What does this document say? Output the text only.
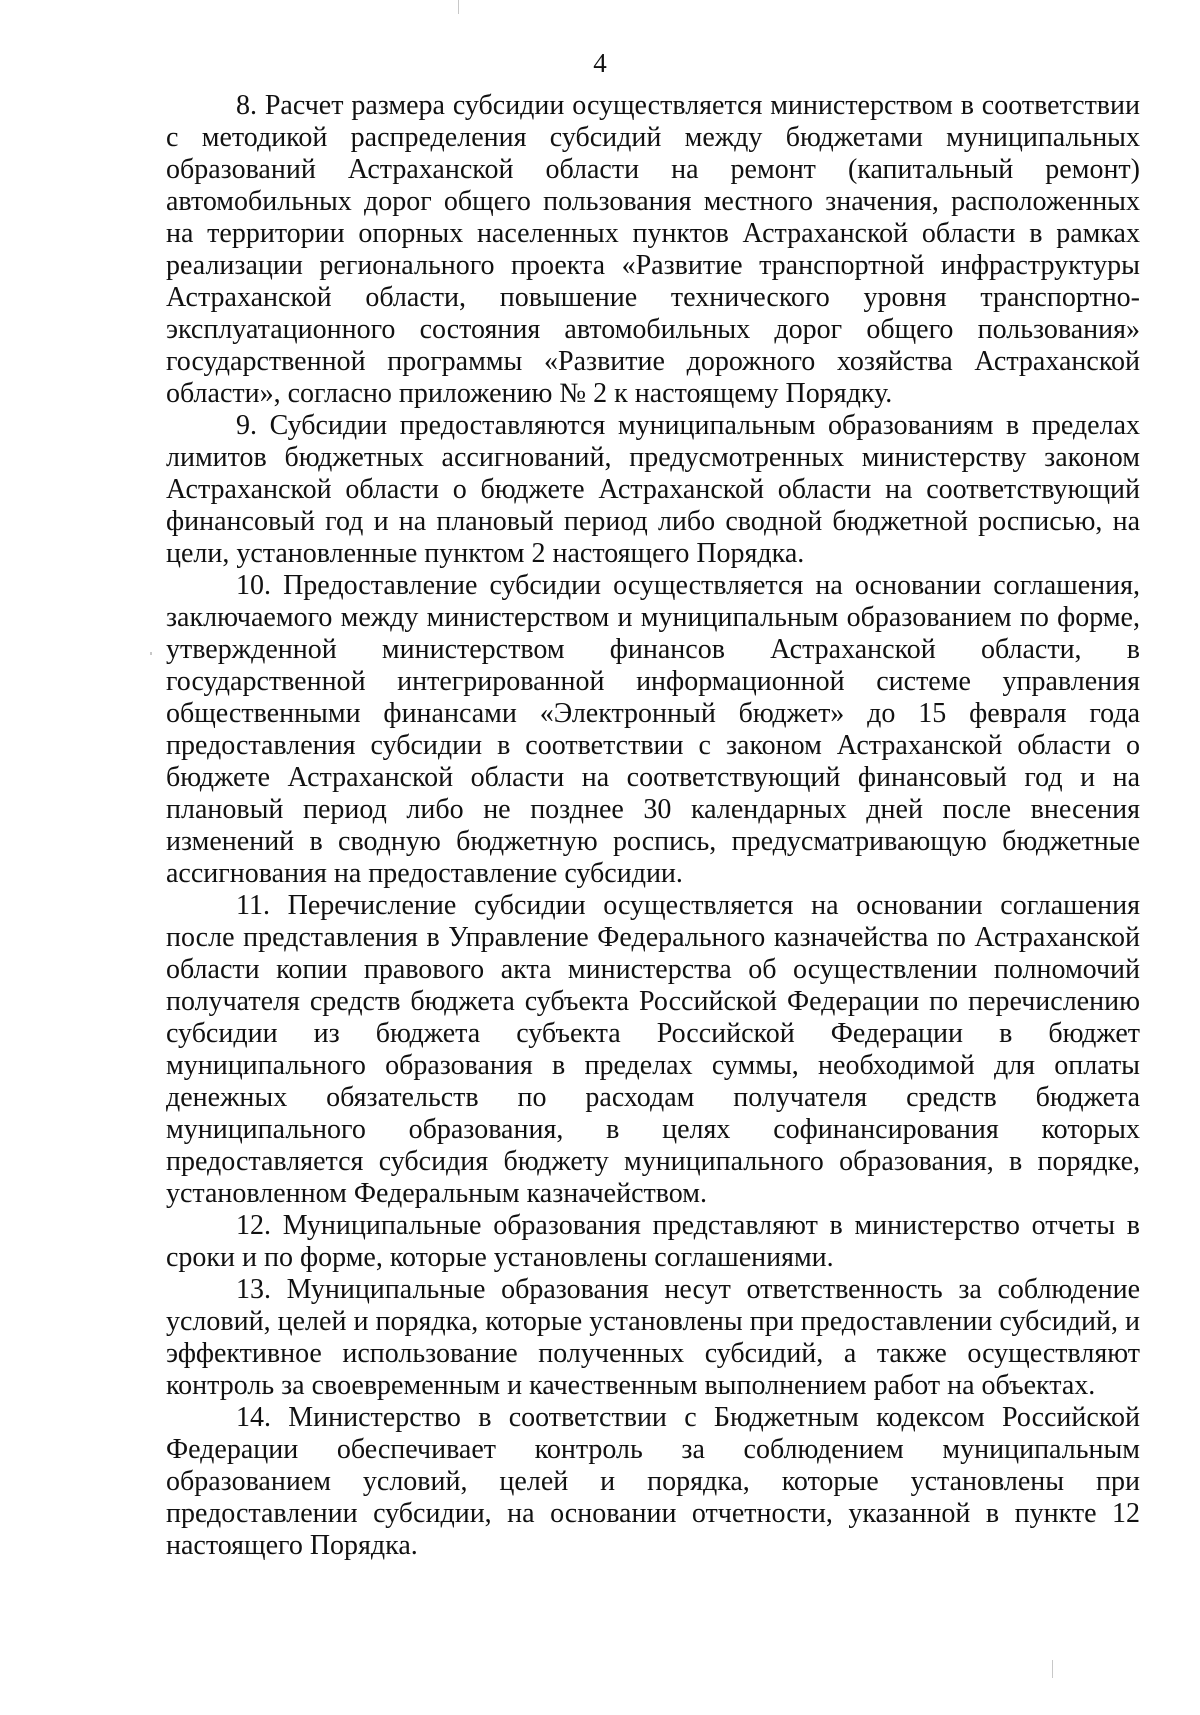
4

8. Расчет размера субсидии осуществляется министерством в соответствии с методикой распределения субсидий между бюджетами муниципальных образований Астраханской области на ремонт (капитальный ремонт) автомобильных дорог общего пользования местного значения, расположенных на территории опорных населенных пунктов Астраханской области в рамках реализации регионального проекта «Развитие транспортной инфраструктуры Астраханской области, повышение технического уровня транспортно-эксплуатационного состояния автомобильных дорог общего пользования» государственной программы «Развитие дорожного хозяйства Астраханской области», согласно приложению № 2 к настоящему Порядку.

9. Субсидии предоставляются муниципальным образованиям в пределах лимитов бюджетных ассигнований, предусмотренных министерству законом Астраханской области о бюджете Астраханской области на соответствующий финансовый год и на плановый период либо сводной бюджетной росписью, на цели, установленные пунктом 2 настоящего Порядка.

10. Предоставление субсидии осуществляется на основании соглашения, заключаемого между министерством и муниципальным образованием по форме, утвержденной министерством финансов Астраханской области, в государственной интегрированной информационной системе управления общественными финансами «Электронный бюджет» до 15 февраля года предоставления субсидии в соответствии с законом Астраханской области о бюджете Астраханской области на соответствующий финансовый год и на плановый период либо не позднее 30 календарных дней после внесения изменений в сводную бюджетную роспись, предусматривающую бюджетные ассигнования на предоставление субсидии.

11. Перечисление субсидии осуществляется на основании соглашения после представления в Управление Федерального казначейства по Астраханской области копии правового акта министерства об осуществлении полномочий получателя средств бюджета субъекта Российской Федерации по перечислению субсидии из бюджета субъекта Российской Федерации в бюджет муниципального образования в пределах суммы, необходимой для оплаты денежных обязательств по расходам получателя средств бюджета муниципального образования, в целях софинансирования которых предоставляется субсидия бюджету муниципального образования, в порядке, установленном Федеральным казначейством.

12. Муниципальные образования представляют в министерство отчеты в сроки и по форме, которые установлены соглашениями.

13. Муниципальные образования несут ответственность за соблюдение условий, целей и порядка, которые установлены при предоставлении субсидий, и эффективное использование полученных субсидий, а также осуществляют контроль за своевременным и качественным выполнением работ на объектах.

14. Министерство в соответствии с Бюджетным кодексом Российской Федерации обеспечивает контроль за соблюдением муниципальным образованием условий, целей и порядка, которые установлены при предоставлении субсидии, на основании отчетности, указанной в пункте 12 настоящего Порядка.
